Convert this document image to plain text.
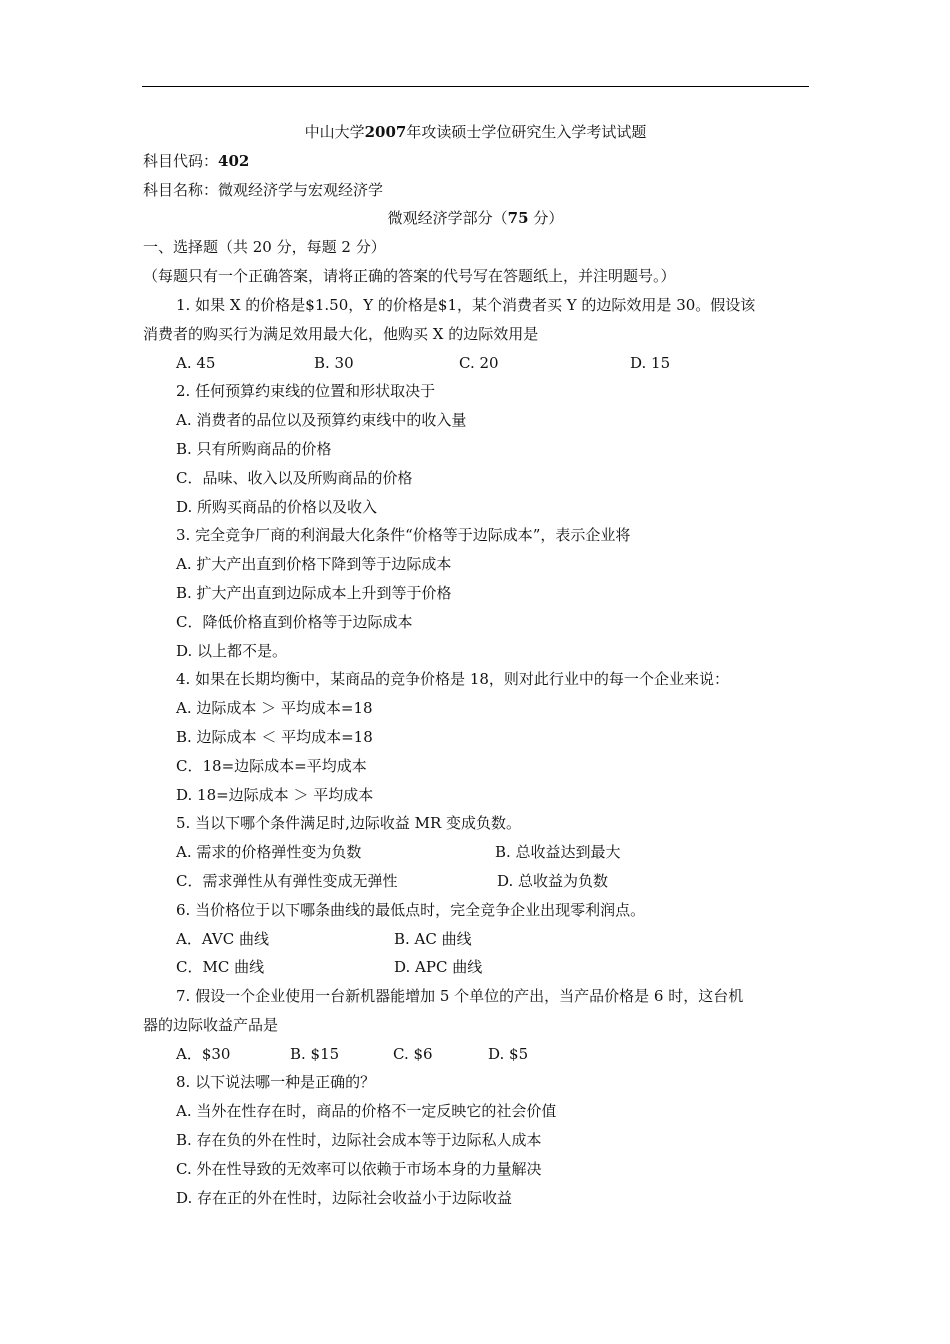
中山大学2007年攻读硕士学位研究生入学考试试题
科目代码：402
科目名称：微观经济学与宏观经济学
微观经济学部分（75 分）
一、选择题（共 20 分，每题 2 分）
（每题只有一个正确答案，请将正确的答案的代号写在答题纸上，并注明题号。）
1. 如果 X 的价格是$1.50，Y 的价格是$1，某个消费者买 Y 的边际效用是 30。假设该
消费者的购买行为满足效用最大化，他购买 X 的边际效用是
A. 45	B. 30	C. 20	D. 15
2. 任何预算约束线的位置和形状取决于
A. 消费者的品位以及预算约束线中的收入量
B. 只有所购商品的价格
C．品味、收入以及所购商品的价格
D. 所购买商品的价格以及收入
3. 完全竞争厂商的利润最大化条件“价格等于边际成本”，表示企业将
A. 扩大产出直到价格下降到等于边际成本
B. 扩大产出直到边际成本上升到等于价格
C．降低价格直到价格等于边际成本
D. 以上都不是。
4. 如果在长期均衡中，某商品的竞争价格是 18，则对此行业中的每一个企业来说：
A. 边际成本 ＞ 平均成本=18
B. 边际成本 ＜ 平均成本=18
C．18=边际成本=平均成本
D. 18=边际成本 ＞ 平均成本
5. 当以下哪个条件满足时,边际收益 MR 变成负数。
A. 需求的价格弹性变为负数	B. 总收益达到最大
C．需求弹性从有弹性变成无弹性	D. 总收益为负数
6. 当价格位于以下哪条曲线的最低点时，完全竞争企业出现零利润点。
A．AVC 曲线	B. AC 曲线
C．MC 曲线	D. APC 曲线
7. 假设一个企业使用一台新机器能增加 5 个单位的产出，当产品价格是 6 时，这台机
器的边际收益产品是
A．$30	B. $15	C. $6	D. $5
8. 以下说法哪一种是正确的？
A. 当外在性存在时，商品的价格不一定反映它的社会价值
B. 存在负的外在性时，边际社会成本等于边际私人成本
C. 外在性导致的无效率可以依赖于市场本身的力量解决
D. 存在正的外在性时，边际社会收益小于边际收益
